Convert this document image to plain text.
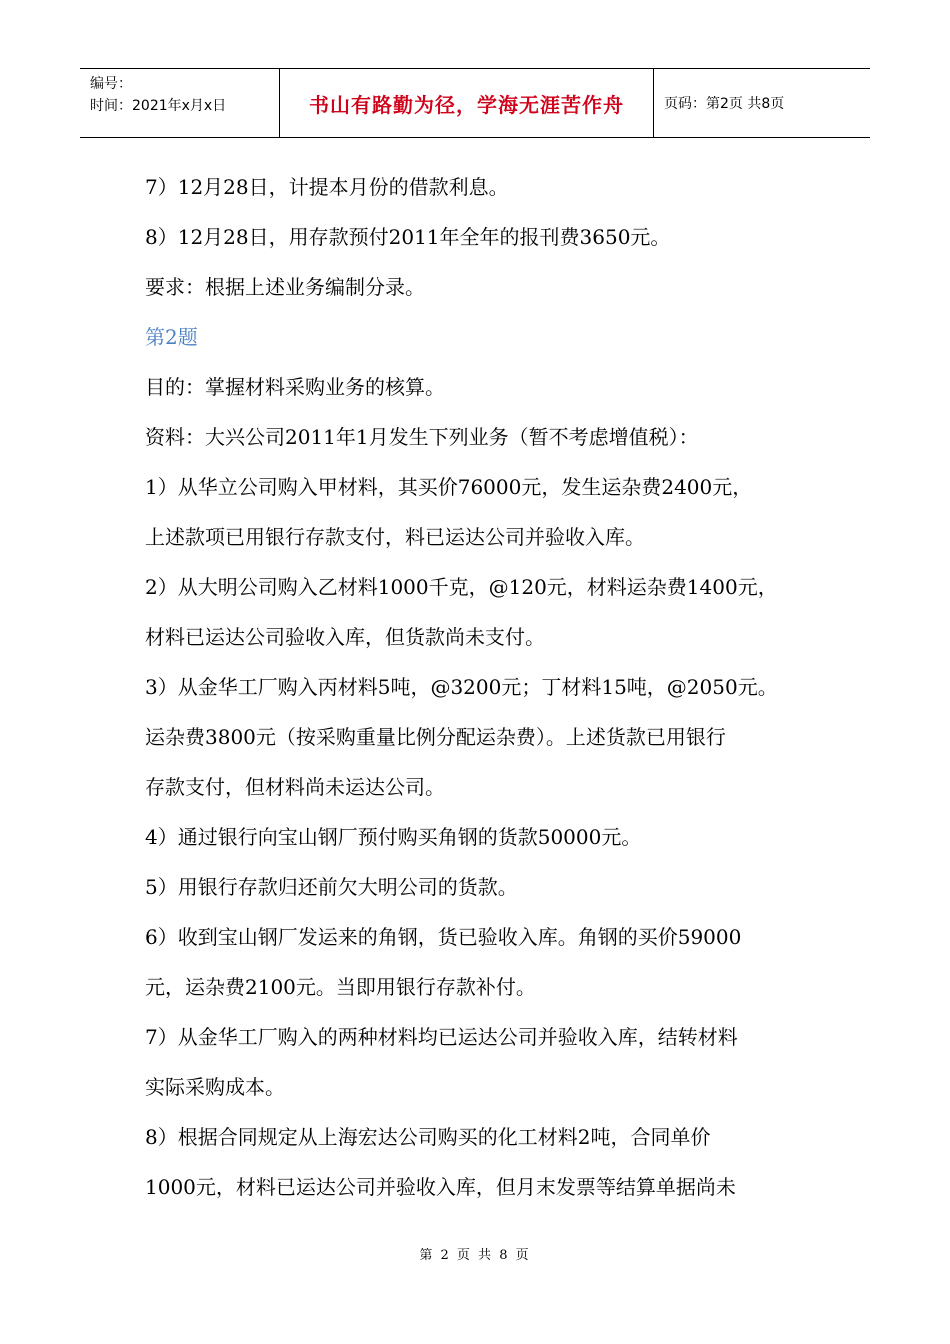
编号：
时间：2021年x月x日	书山有路勤为径，学海无涯苦作舟	页码：第2页 共8页

7）12月28日，计提本月份的借款利息。

8）12月28日，用存款预付2011年全年的报刊费3650元。

要求：根据上述业务编制分录。

第2题

目的：掌握材料采购业务的核算。

资料：大兴公司2011年1月发生下列业务（暂不考虑增值税）：

1）从华立公司购入甲材料，其买价76000元，发生运杂费2400元，

上述款项已用银行存款支付，料已运达公司并验收入库。

2）从大明公司购入乙材料1000千克，@120元，材料运杂费1400元，

材料已运达公司验收入库，但货款尚未支付。

3）从金华工厂购入丙材料5吨，@3200元；丁材料15吨，@2050元。

运杂费3800元（按采购重量比例分配运杂费）。上述货款已用银行

存款支付，但材料尚未运达公司。

4）通过银行向宝山钢厂预付购买角钢的货款50000元。

5）用银行存款归还前欠大明公司的货款。

6）收到宝山钢厂发运来的角钢，货已验收入库。角钢的买价59000

元，运杂费2100元。当即用银行存款补付。

7）从金华工厂购入的两种材料均已运达公司并验收入库，结转材料

实际采购成本。

8）根据合同规定从上海宏达公司购买的化工材料2吨，合同单价

1000元，材料已运达公司并验收入库，但月末发票等结算单据尚未

第 2 页 共 8 页
